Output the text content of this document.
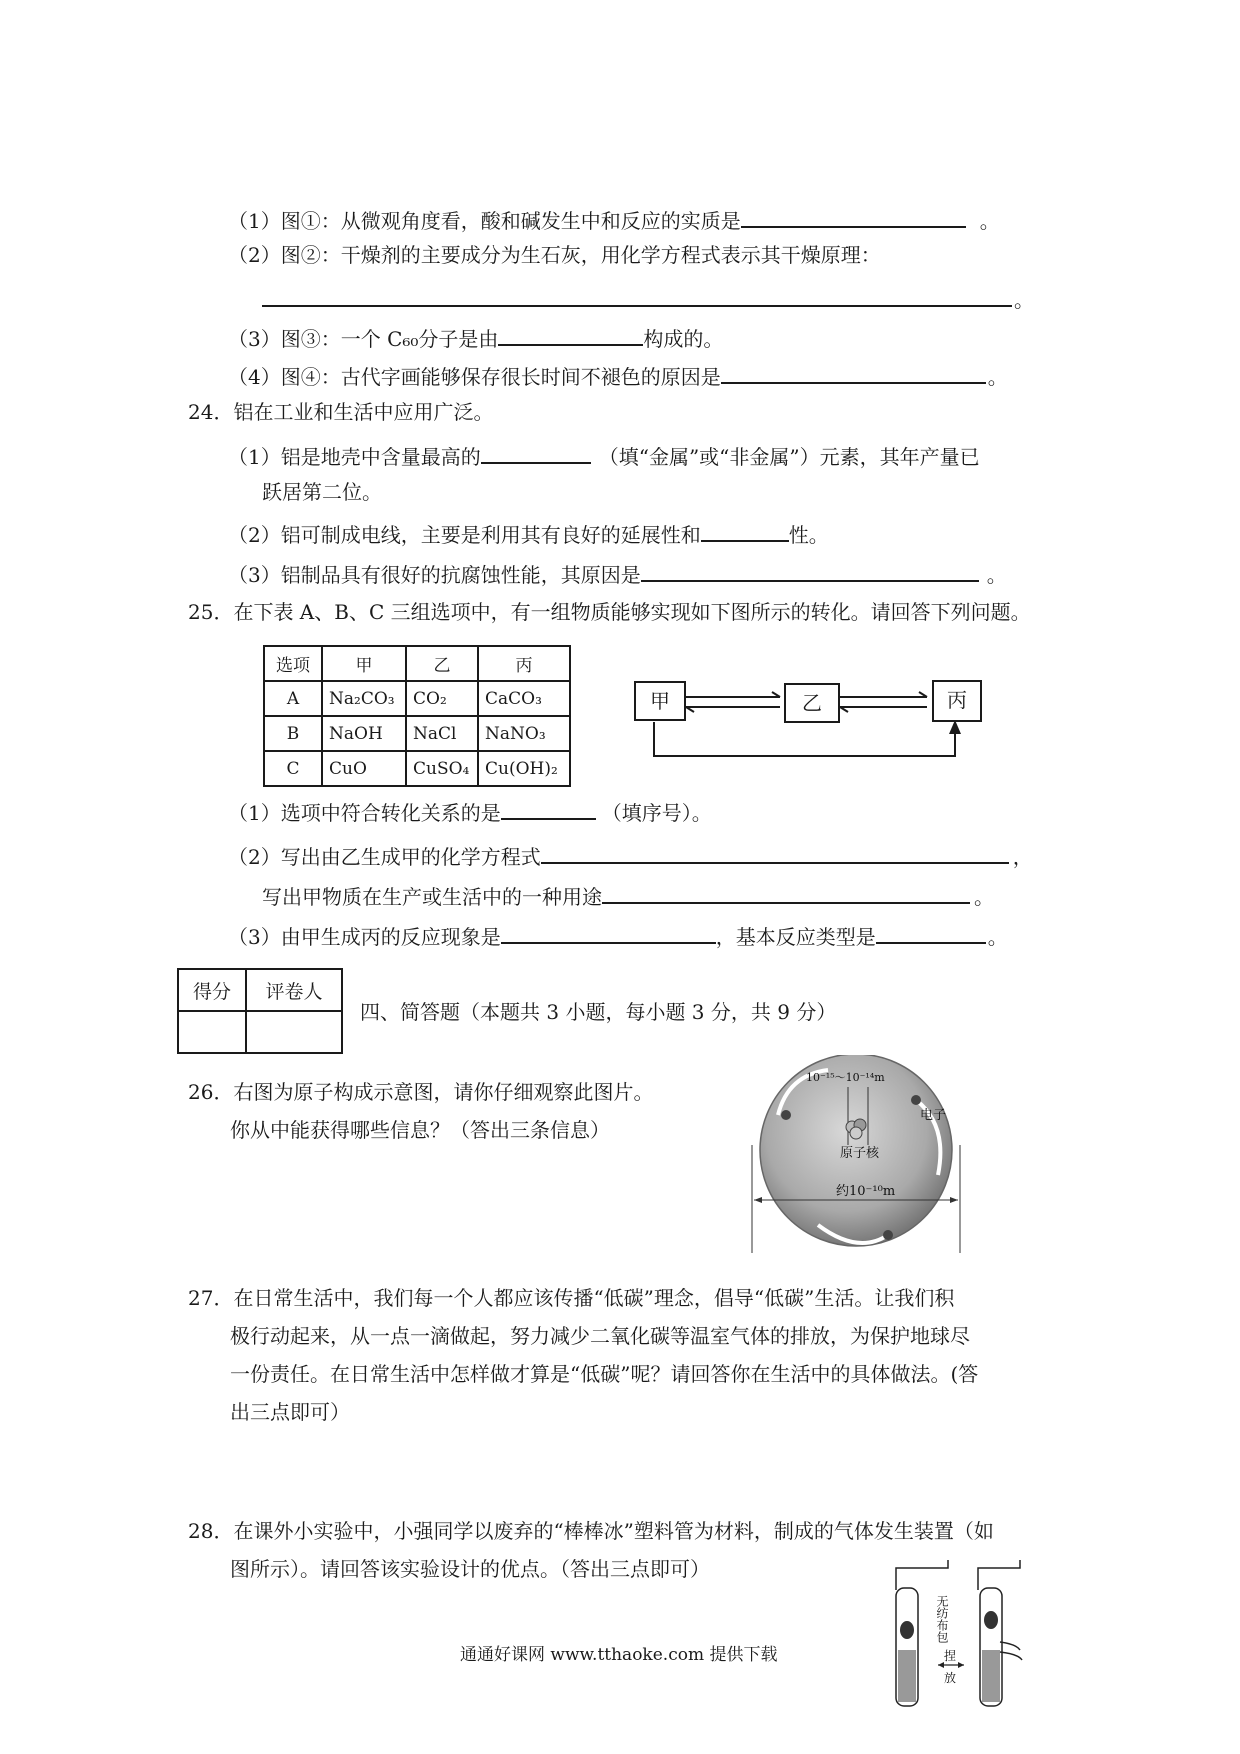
（1）图①：从微观角度看，酸和碱发生中和反应的实质是	。
（2）图②：干燥剂的主要成分为生石灰，用化学方程式表示其干燥原理：
。
（3）图③：一个 C₆₀分子是由	构成的。
（4）图④：古代字画能够保存很长时间不褪色的原因是	。
24．铝在工业和生活中应用广泛。
（1）铝是地壳中含量最高的	（填“金属”或“非金属”）元素，其年产量已
跃居第二位。
（2）铝可制成电线，主要是利用其有良好的延展性和	性。
（3）铝制品具有很好的抗腐蚀性能，其原因是	。
25．在下表 A、B、C 三组选项中，有一组物质能够实现如下图所示的转化。请回答下列问题。
选项	甲	乙	丙
A	Na₂CO₃	CO₂	CaCO₃
B	NaOH	NaCl	NaNO₃
C	CuO	CuSO₄	Cu(OH)₂
甲	乙	丙
（1）选项中符合转化关系的是	（填序号）。
（2）写出由乙生成甲的化学方程式	，
写出甲物质在生产或生活中的一种用途	。
（3）由甲生成丙的反应现象是	，基本反应类型是	。
得分	评卷人

四、简答题（本题共 3 小题，每小题 3 分，共 9 分）
26．右图为原子构成示意图，请你仔细观察此图片。
你从中能获得哪些信息？（答出三条信息）
10⁻¹⁵～10⁻¹⁴m
电子
原子核
约10⁻¹⁰m
27．在日常生活中，我们每一个人都应该传播“低碳”理念，倡导“低碳”生活。让我们积
极行动起来，从一点一滴做起，努力减少二氧化碳等温室气体的排放，为保护地球尽
一份责任。在日常生活中怎样做才算是“低碳”呢？请回答你在生活中的具体做法。(答
出三点即可）
28．在课外小实验中，小强同学以废弃的“棒棒冰”塑料管为材料，制成的气体发生装置（如
图所示）。请回答该实验设计的优点。（答出三点即可）
无纺布包
捏
放
通通好课网 www.tthaoke.com 提供下载
